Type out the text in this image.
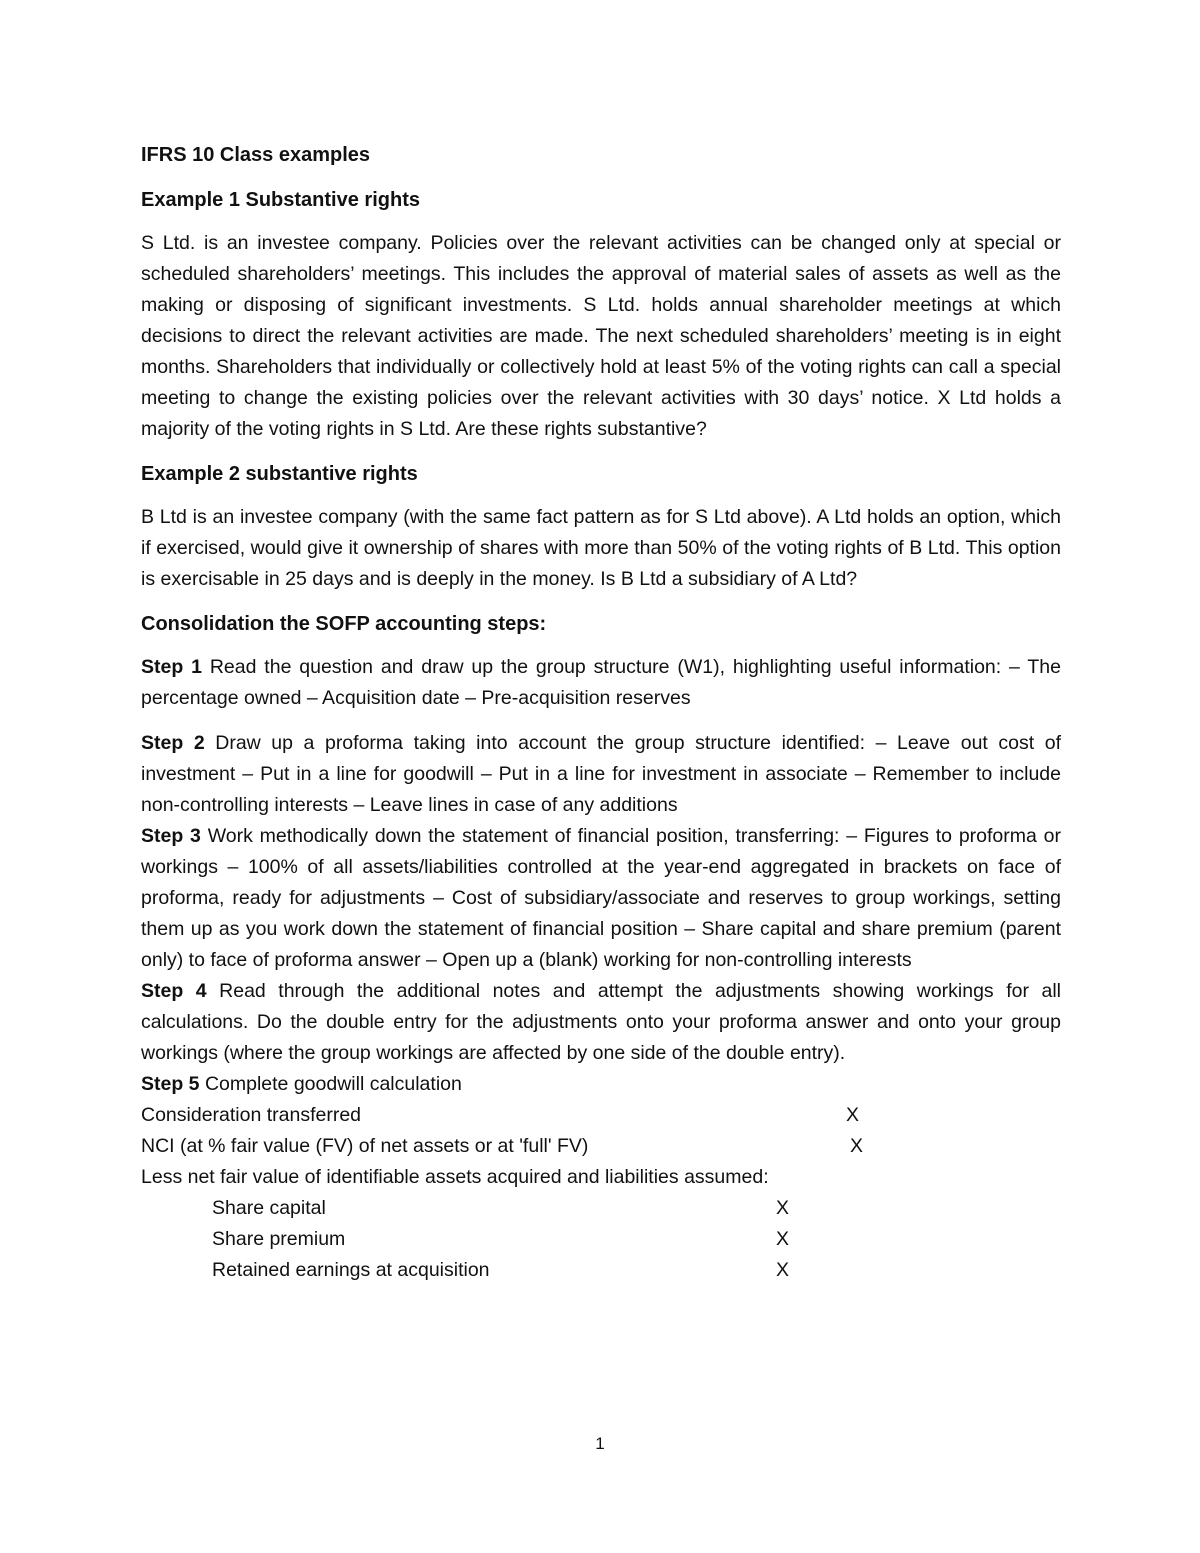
IFRS 10 Class examples
Example 1 Substantive rights
S Ltd. is an investee company. Policies over the relevant activities can be changed only at special or scheduled shareholders’ meetings. This includes the approval of material sales of assets as well as the making or disposing of significant investments. S Ltd. holds annual shareholder meetings at which decisions to direct the relevant activities are made. The next scheduled shareholders’ meeting is in eight months. Shareholders that individually or collectively hold at least 5% of the voting rights can call a special meeting to change the existing policies over the relevant activities with 30 days’ notice. X Ltd holds a majority of the voting rights in S Ltd. Are these rights substantive?
Example 2 substantive rights
B Ltd is an investee company (with the same fact pattern as for S Ltd above). A Ltd holds an option, which if exercised, would give it ownership of shares with more than 50% of the voting rights of B Ltd. This option is exercisable in 25 days and is deeply in the money. Is B Ltd a subsidiary of A Ltd?
Consolidation the SOFP accounting steps:
Step 1 Read the question and draw up the group structure (W1), highlighting useful information: – The percentage owned – Acquisition date – Pre-acquisition reserves
Step 2 Draw up a proforma taking into account the group structure identified: – Leave out cost of investment – Put in a line for goodwill – Put in a line for investment in associate – Remember to include non-controlling interests – Leave lines in case of any additions
Step 3 Work methodically down the statement of financial position, transferring: – Figures to proforma or workings – 100% of all assets/liabilities controlled at the year-end aggregated in brackets on face of proforma, ready for adjustments – Cost of subsidiary/associate and reserves to group workings, setting them up as you work down the statement of financial position – Share capital and share premium (parent only) to face of proforma answer – Open up a (blank) working for non-controlling interests
Step 4 Read through the additional notes and attempt the adjustments showing workings for all calculations. Do the double entry for the adjustments onto your proforma answer and onto your group workings (where the group workings are affected by one side of the double entry).
Step 5 Complete goodwill calculation
Consideration transferred	X
NCI (at % fair value (FV) of net assets or at 'full' FV)	X
Less net fair value of identifiable assets acquired and liabilities assumed:
Share capital	X
Share premium	X
Retained earnings at acquisition	X
1
